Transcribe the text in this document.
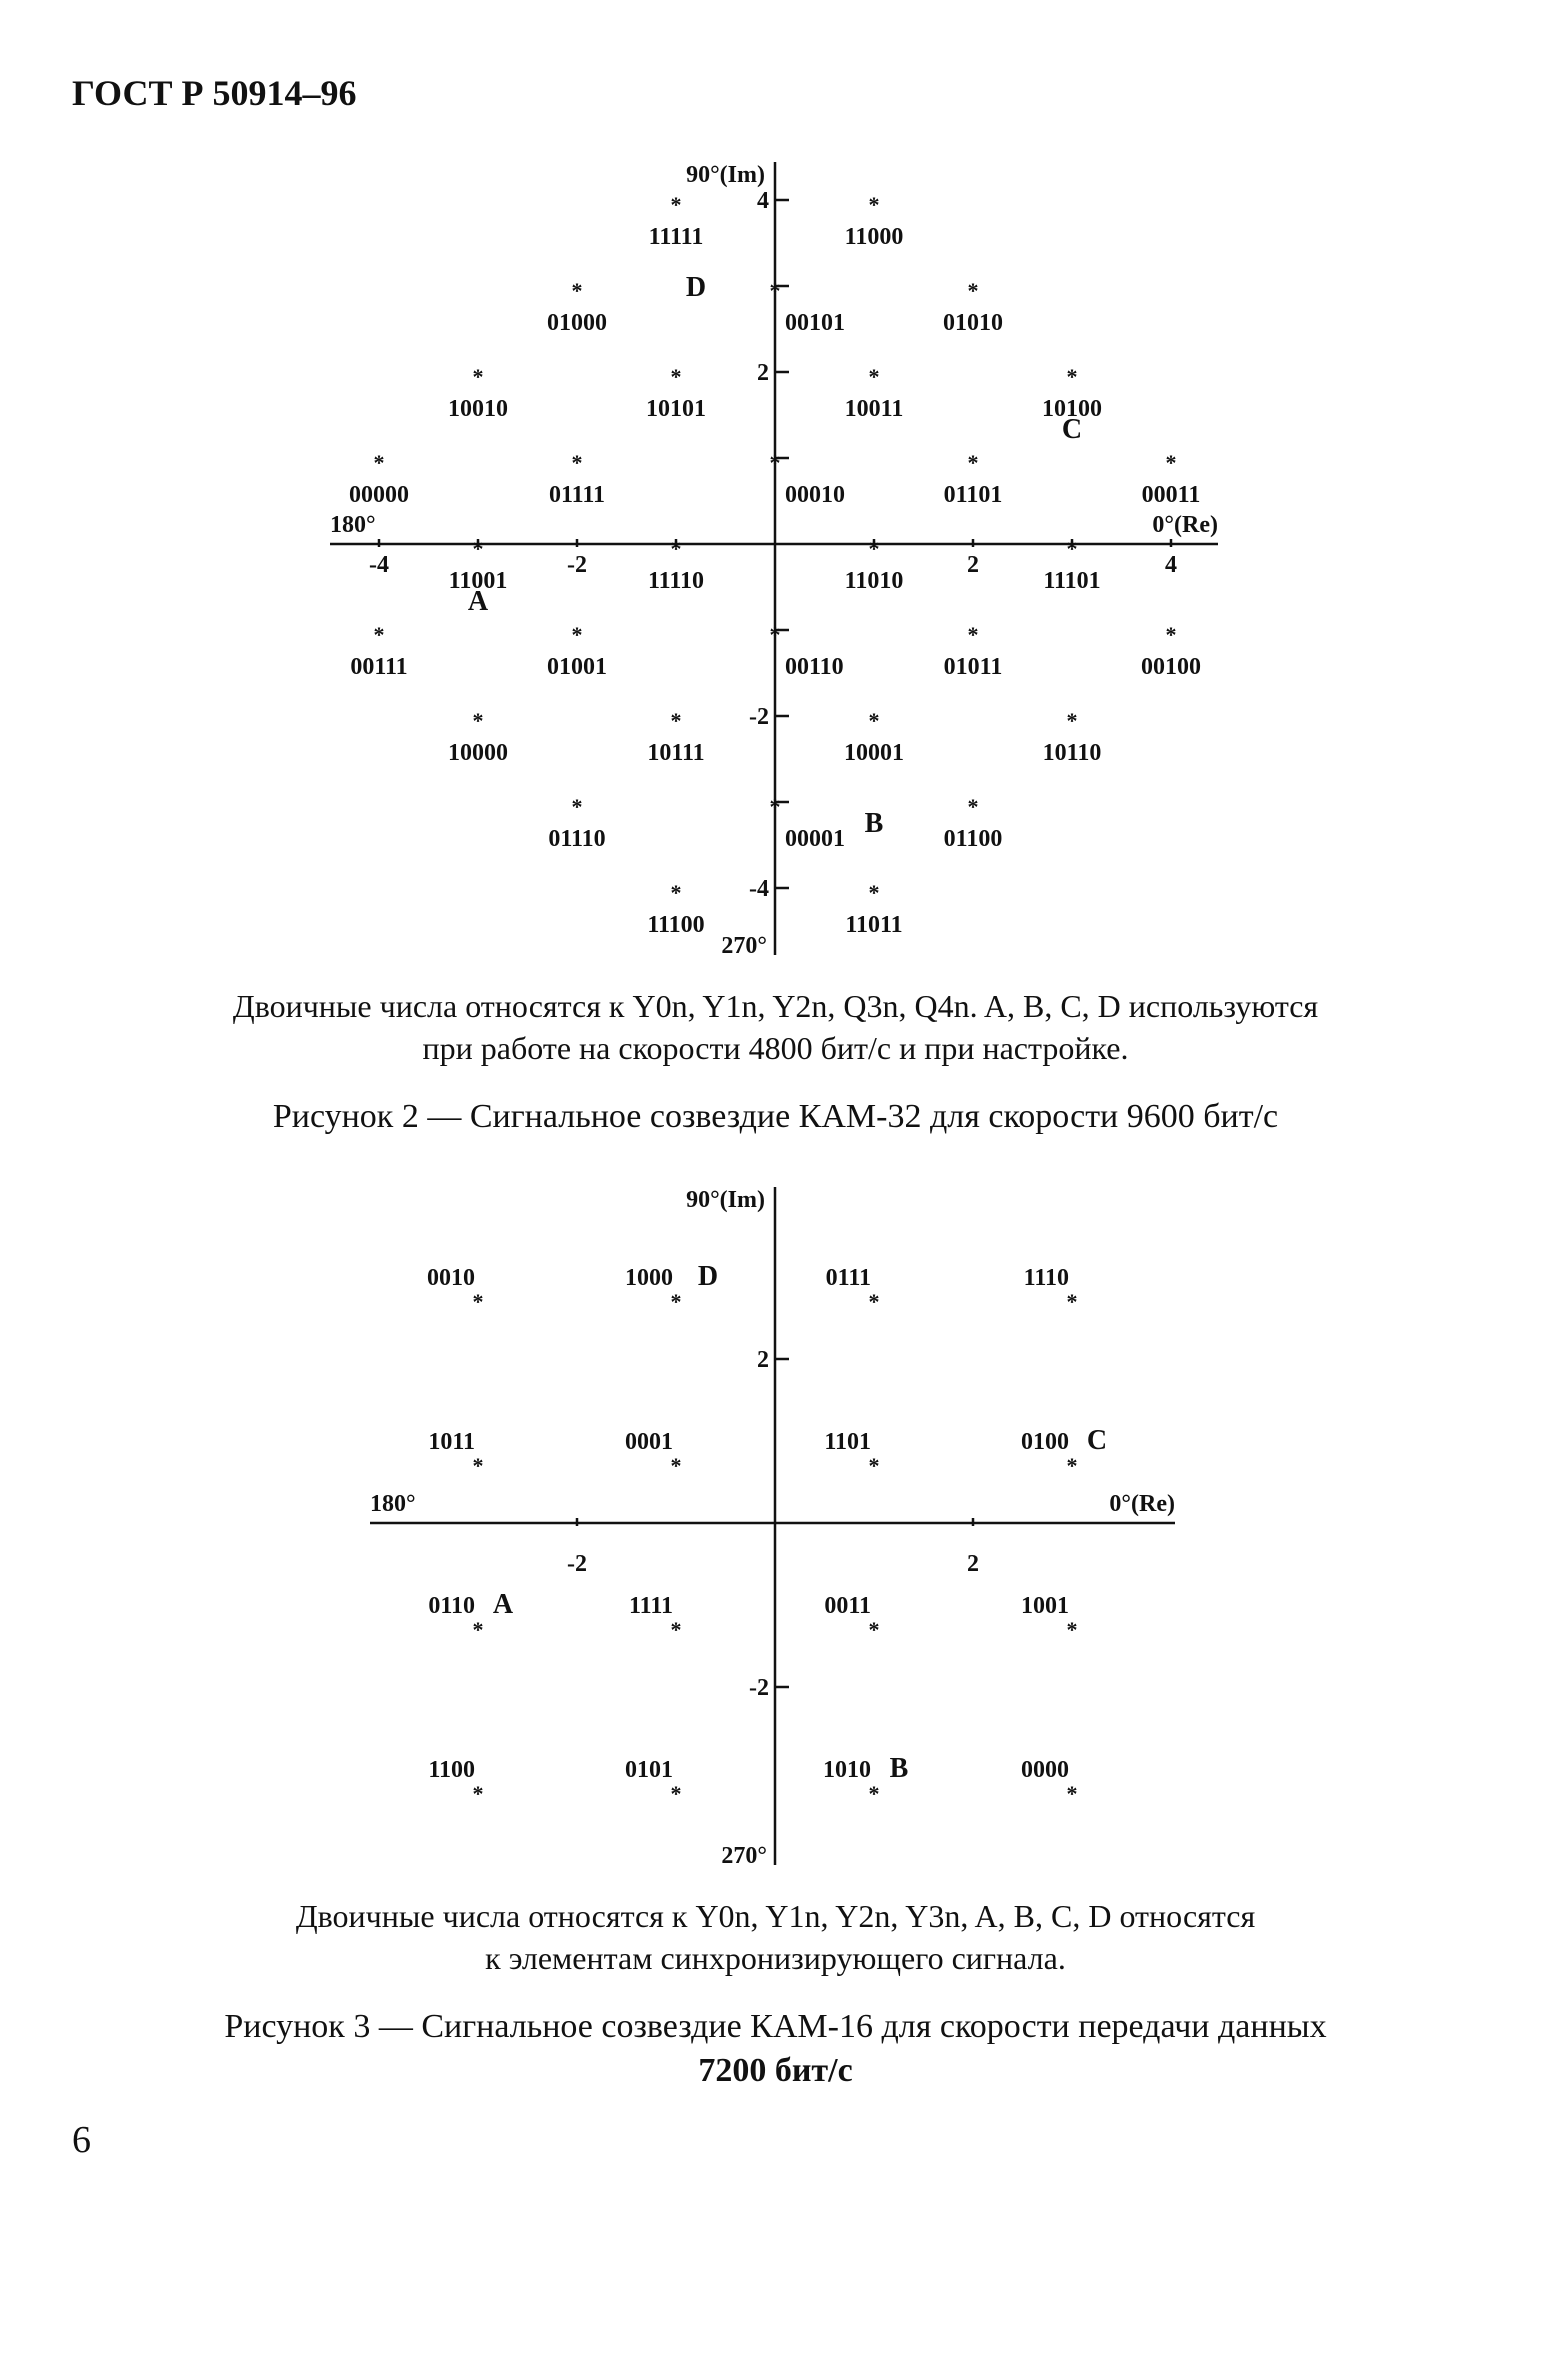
ГОСТ Р 50914–96
90°(Im)
270°
180°	0°(Re)
-4	-2	2	4
4
2
-2
-4
*
11111
*
11000
*
01000
*
00101
*
01010
*
10010
*
10101
*
10011
*
10100
*
00000
*
01111
*
00010
*
01101
*
00011
*
11001
*
11110
*
11010
*
11101
*
00111
*
01001
*
00110
*
01011
*
00100
*
10000
*
10111
*
10001
*
10110
*
01110
*
00001
*
01100
*
11100
*
11011
D
C
A
B
Двоичные числа относятся к Y0n, Y1n, Y2n, Q3n, Q4n. A, B, C, D используются
при работе на скорости 4800 бит/с и при настройке.
Рисунок 2 — Сигнальное созвездие КАМ-32 для скорости 9600 бит/с
90°(Im)
270°
180°	0°(Re)
-2	2
2
-2
*
0010
*
1000
*
0111
*
1110
*
1011
*
0001
*
1101
*
0100
*
0110
*
1111
*
0011
*
1001
*
1100
*
0101
*
1010
*
0000
D
C
A
B
Двоичные числа относятся к Y0n, Y1n, Y2n, Y3n, A, B, C, D относятся
к элементам синхронизирующего сигнала.
Рисунок 3 — Сигнальное созвездие КАМ-16 для скорости передачи данных
7200 бит/с
6
